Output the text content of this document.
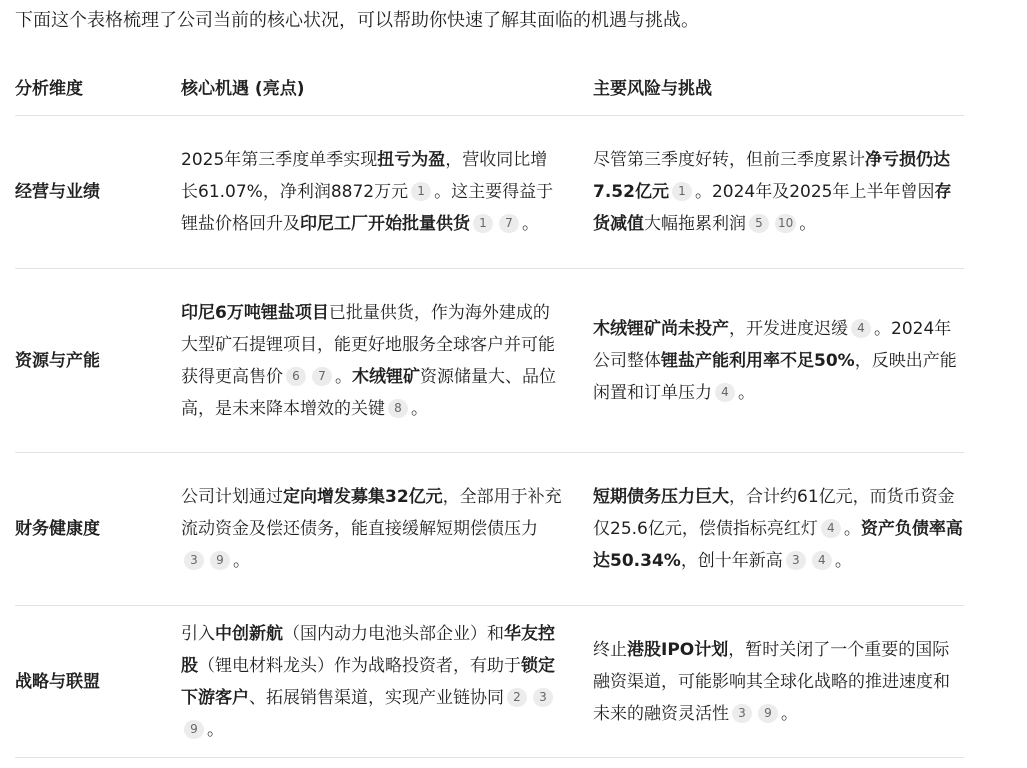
下面这个表格梳理了公司当前的核心状况，可以帮助你快速了解其面临的机遇与挑战。
分析维度	核心机遇 (亮点)	主要风险与挑战
经营与业绩
2025年第三季度单季实现扭亏为盈，营收同比增长61.07%，净利润8872万元 1 。这主要得益于锂盐价格回升及印尼工厂开始批量供货 1 7 。
尽管第三季度好转，但前三季度累计净亏损仍达7.52亿元 1 。2024年及2025年上半年曾因存货减值大幅拖累利润 5 10 。
资源与产能
印尼6万吨锂盐项目已批量供货，作为海外建成的大型矿石提锂项目，能更好地服务全球客户并可能获得更高售价 6 7 。木绒锂矿资源储量大、品位高，是未来降本增效的关键 8 。
木绒锂矿尚未投产，开发进度迟缓 4 。2024年公司整体锂盐产能利用率不足50%，反映出产能闲置和订单压力 4 。
财务健康度
公司计划通过定向增发募集32亿元，全部用于补充流动资金及偿还债务，能直接缓解短期偿债压力3 9 。
短期债务压力巨大，合计约61亿元，而货币资金仅25.6亿元，偿债指标亮红灯 4 。资产负债率高达50.34%，创十年新高 3 4 。
战略与联盟
引入中创新航（国内动力电池头部企业）和华友控股（锂电材料龙头）作为战略投资者，有助于锁定下游客户、拓展销售渠道，实现产业链协同 2 39 。
终止港股IPO计划，暂时关闭了一个重要的国际融资渠道，可能影响其全球化战略的推进速度和未来的融资灵活性 3 9 。
